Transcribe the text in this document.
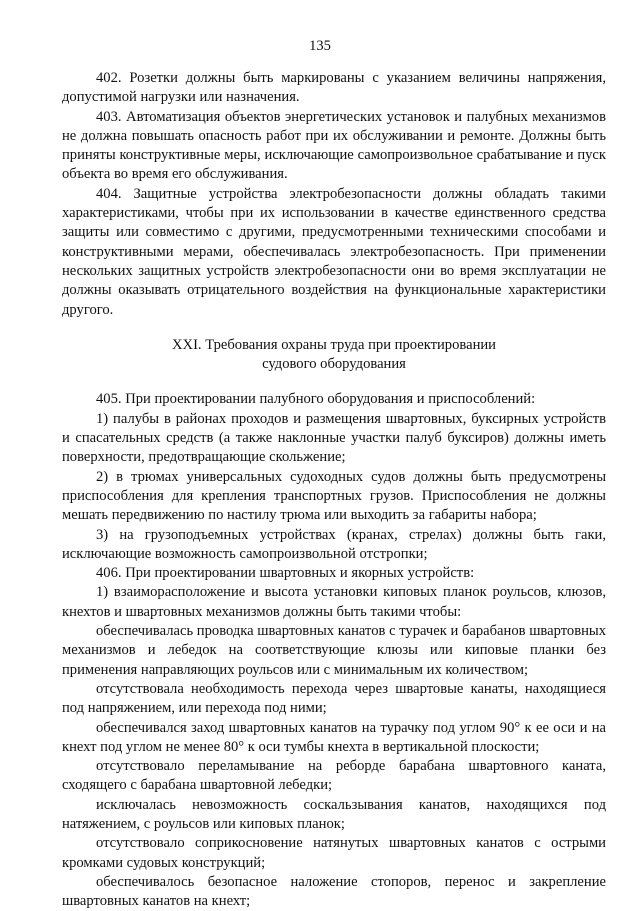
135

402. Розетки должны быть маркированы с указанием величины напряжения, допустимой нагрузки или назначения.

403. Автоматизация объектов энергетических установок и палубных механизмов не должна повышать опасность работ при их обслуживании и ремонте. Должны быть приняты конструктивные меры, исключающие самопроизвольное срабатывание и пуск объекта во время его обслуживания.

404. Защитные устройства электробезопасности должны обладать такими характеристиками, чтобы при их использовании в качестве единственного средства защиты или совместимо с другими, предусмотренными техническими способами и конструктивными мерами, обеспечивалась электробезопасность. При применении нескольких защитных устройств электробезопасности они во время эксплуатации не должны оказывать отрицательного воздействия на функциональные характеристики другого.

XXI. Требования охраны труда при проектировании
судового оборудования

405. При проектировании палубного оборудования и приспособлений:

1) палубы в районах проходов и размещения швартовных, буксирных устройств и спасательных средств (а также наклонные участки палуб буксиров) должны иметь поверхности, предотвращающие скольжение;

2) в трюмах универсальных судоходных судов должны быть предусмотрены приспособления для крепления транспортных грузов. Приспособления не должны мешать передвижению по настилу трюма или выходить за габариты набора;

3) на грузоподъемных устройствах (кранах, стрелах) должны быть гаки, исключающие возможность самопроизвольной отстропки;

406. При проектировании швартовных и якорных устройств:

1) взаиморасположение и высота установки киповых планок роульсов, клюзов, кнехтов и швартовных механизмов должны быть такими чтобы:

обеспечивалась проводка швартовных канатов с турачек и барабанов швартовных механизмов и лебедок на соответствующие клюзы или киповые планки без применения направляющих роульсов или с минимальным их количеством;

отсутствовала необходимость перехода через швартовые канаты, находящиеся под напряжением, или перехода под ними;

обеспечивался заход швартовных канатов на турачку под углом 90° к ее оси и на кнехт под углом не менее 80° к оси тумбы кнехта в вертикальной плоскости;

отсутствовало переламывание на реборде барабана швартовного каната, сходящего с барабана швартовной лебедки;

исключалась невозможность соскальзывания канатов, находящихся под натяжением, с роульсов или киповых планок;

отсутствовало соприкосновение натянутых швартовных канатов с острыми кромками судовых конструкций;

обеспечивалось безопасное наложение стопоров, перенос и закрепление швартовных канатов на кнехт;
